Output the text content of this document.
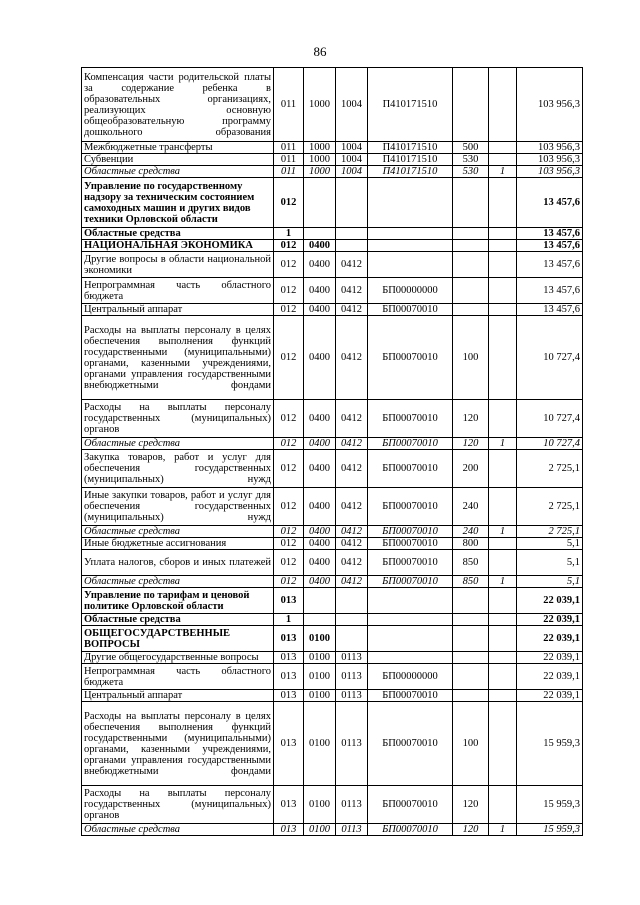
86
Компенсация части родительской платы за содержание ребенка в образовательных организациях, реализующих основную общеобразовательную программу дошкольного образования	011	1000	1004	П410171510			103 956,3
Межбюджетные трансферты	011	1000	1004	П410171510	500		103 956,3
Субвенции	011	1000	1004	П410171510	530		103 956,3
Областные средства	011	1000	1004	П410171510	530	1	103 956,3
Управление по государственному надзору за техническим состоянием самоходных машин и других видов техники Орловской области	012						13 457,6
Областные средства	1						13 457,6
НАЦИОНАЛЬНАЯ ЭКОНОМИКА	012	0400					13 457,6
Другие вопросы в области национальной экономики	012	0400	0412				13 457,6
Непрограммная часть областного бюджета	012	0400	0412	БП00000000			13 457,6
Центральный аппарат	012	0400	0412	БП00070010			13 457,6
Расходы на выплаты персоналу в целях обеспечения выполнения функций государственными (муниципальными) органами, казенными учреждениями, органами управления государственными внебюджетными фондами	012	0400	0412	БП00070010	100		10 727,4
Расходы на выплаты персоналу государственных (муниципальных) органов	012	0400	0412	БП00070010	120		10 727,4
Областные средства	012	0400	0412	БП00070010	120	1	10 727,4
Закупка товаров, работ и услуг для обеспечения государственных (муниципальных) нужд	012	0400	0412	БП00070010	200		2 725,1
Иные закупки товаров, работ и услуг для обеспечения государственных (муниципальных) нужд	012	0400	0412	БП00070010	240		2 725,1
Областные средства	012	0400	0412	БП00070010	240	1	2 725,1
Иные бюджетные ассигнования	012	0400	0412	БП00070010	800		5,1
Уплата налогов, сборов и иных платежей	012	0400	0412	БП00070010	850		5,1
Областные средства	012	0400	0412	БП00070010	850	1	5,1
Управление по тарифам и ценовой политике Орловской области	013						22 039,1
Областные средства	1						22 039,1
ОБЩЕГОСУДАРСТВЕННЫЕ ВОПРОСЫ	013	0100					22 039,1
Другие общегосударственные вопросы	013	0100	0113				22 039,1
Непрограммная часть областного бюджета	013	0100	0113	БП00000000			22 039,1
Центральный аппарат	013	0100	0113	БП00070010			22 039,1
Расходы на выплаты персоналу в целях обеспечения выполнения функций государственными (муниципальными) органами, казенными учреждениями, органами управления государственными внебюджетными фондами	013	0100	0113	БП00070010	100		15 959,3
Расходы на выплаты персоналу государственных (муниципальных) органов	013	0100	0113	БП00070010	120		15 959,3
Областные средства	013	0100	0113	БП00070010	120	1	15 959,3
